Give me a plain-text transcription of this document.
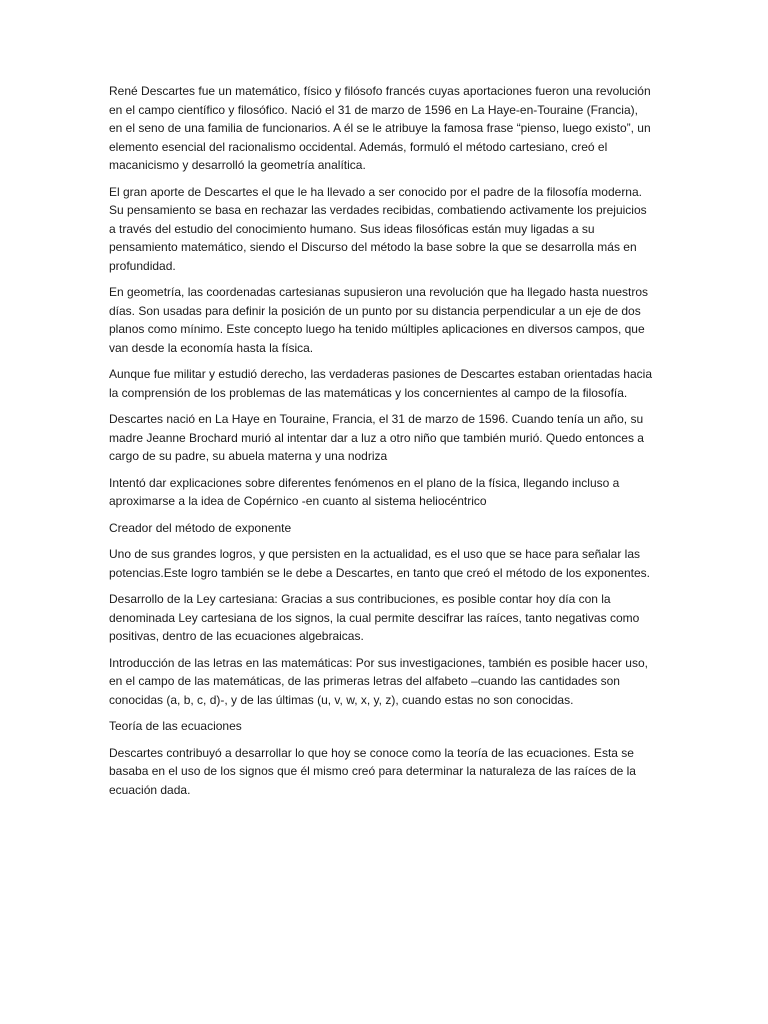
René Descartes fue un matemático, físico y filósofo francés cuyas aportaciones fueron una revolución en el campo científico y filosófico. Nació el 31 de marzo de 1596 en La Haye-en-Touraine (Francia), en el seno de una familia de funcionarios. A él se le atribuye la famosa frase “pienso, luego existo”, un elemento esencial del racionalismo occidental. Además, formuló el método cartesiano, creó el macanicismo y desarrolló la geometría analítica.

El gran aporte de Descartes el que le ha llevado a ser conocido por el padre de la filosofía moderna. Su pensamiento se basa en rechazar las verdades recibidas, combatiendo activamente los prejuicios a través del estudio del conocimiento humano. Sus ideas filosóficas están muy ligadas a su pensamiento matemático, siendo el Discurso del método la base sobre la que se desarrolla más en profundidad.

En geometría, las coordenadas cartesianas supusieron una revolución que ha llegado hasta nuestros días. Son usadas para definir la posición de un punto por su distancia perpendicular a un eje de dos planos como mínimo. Este concepto luego ha tenido múltiples aplicaciones en diversos campos, que van desde la economía hasta la física.

Aunque fue militar y estudió derecho, las verdaderas pasiones de Descartes estaban orientadas hacia la comprensión de los problemas de las matemáticas y los concernientes al campo de la filosofía.

Descartes nació en La Haye en Touraine, Francia, el 31 de marzo de 1596. Cuando tenía un año, su madre Jeanne Brochard murió al intentar dar a luz a otro niño que también murió. Quedo entonces a cargo de su padre, su abuela materna y una nodriza

Intentó dar explicaciones sobre diferentes fenómenos en el plano de la física, llegando incluso a aproximarse a la idea de Copérnico -en cuanto al sistema heliocéntrico

Creador del método de exponente

Uno de sus grandes logros, y que persisten en la actualidad, es el uso que se hace para señalar las potencias.Este logro también se le debe a Descartes, en tanto que creó el método de los exponentes.

Desarrollo de la Ley cartesiana: Gracias a sus contribuciones, es posible contar hoy día con la denominada Ley cartesiana de los signos, la cual permite descifrar las raíces, tanto negativas como positivas, dentro de las ecuaciones algebraicas.

Introducción de las letras en las matemáticas: Por sus investigaciones, también es posible hacer uso, en el campo de las matemáticas, de las primeras letras del alfabeto –cuando las cantidades son conocidas (a, b, c, d)-, y de las últimas (u, v, w, x, y, z), cuando estas no son conocidas.

Teoría de las ecuaciones

Descartes contribuyó a desarrollar lo que hoy se conoce como la teoría de las ecuaciones. Esta se basaba en el uso de los signos que él mismo creó para determinar la naturaleza de las raíces de la ecuación dada.
